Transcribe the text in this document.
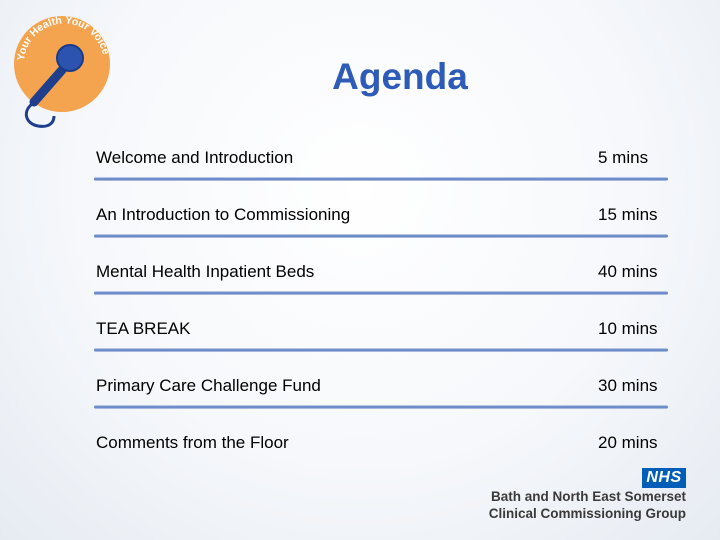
Your Health Your Voice
Agenda
Welcome and Introduction	5 mins
An Introduction to Commissioning	15 mins
Mental Health Inpatient Beds	40 mins
TEA BREAK	10 mins
Primary Care Challenge Fund	30 mins
Comments from the Floor	20 mins
NHS
Bath and North East Somerset
Clinical Commissioning Group
